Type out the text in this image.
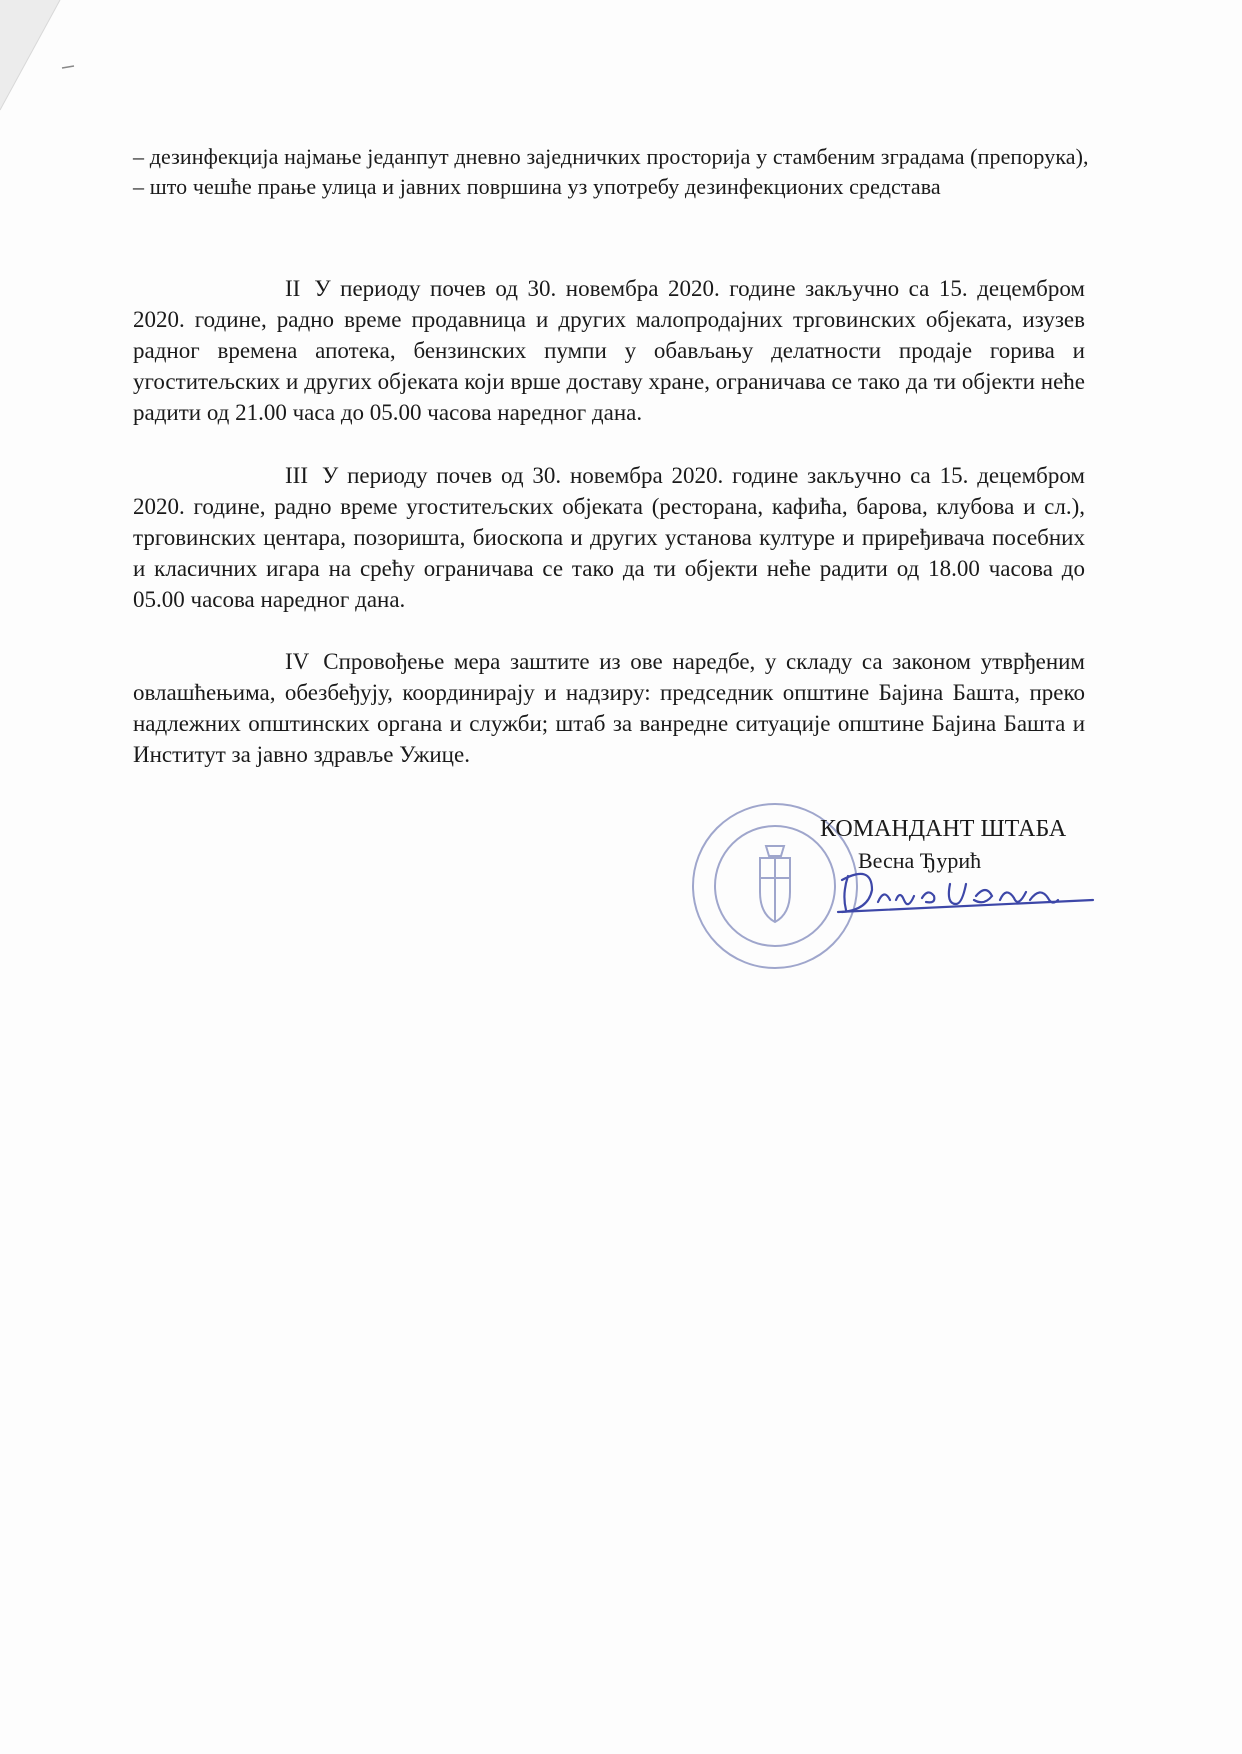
– дезинфекција најмање једанпут дневно заједничких просторија у стамбеним зградама (препорука),

– што чешће прање улица и јавних површина уз употребу дезинфекционих средстава

II У периоду почев од 30. новембра 2020. године закључно са 15. децембром 2020. године, радно време продавница и других малопродајних трговинских објеката, изузев радног времена апотека, бензинских пумпи у обављању делатности продаје горива и угоститељских и других објеката који врше доставу хране, ограничава се тако да ти објекти неће радити од 21.00 часа до 05.00 часова наредног дана.

III У периоду почев од 30. новембра 2020. године закључно са 15. децембром 2020. године, радно време угоститељских објеката (ресторана, кафића, барова, клубова и сл.), трговинских центара, позоришта, биоскопа и других установа културе и приређивача посебних и класичних игара на срећу ограничава се тако да ти објекти неће радити од 18.00 часова до 05.00 часова наредног дана.

IV Спровођење мера заштите из ове наредбе, у складу са законом утврђеним овлашћењима, обезбеђују, координирају и надзиру: председник општине Бајина Башта, преко надлежних општинских органа и служби; штаб за ванредне ситуације општине Бајина Башта и Институт за јавно здравље Ужице.

КОМАНДАНТ ШТАБА
Весна Ђурић
